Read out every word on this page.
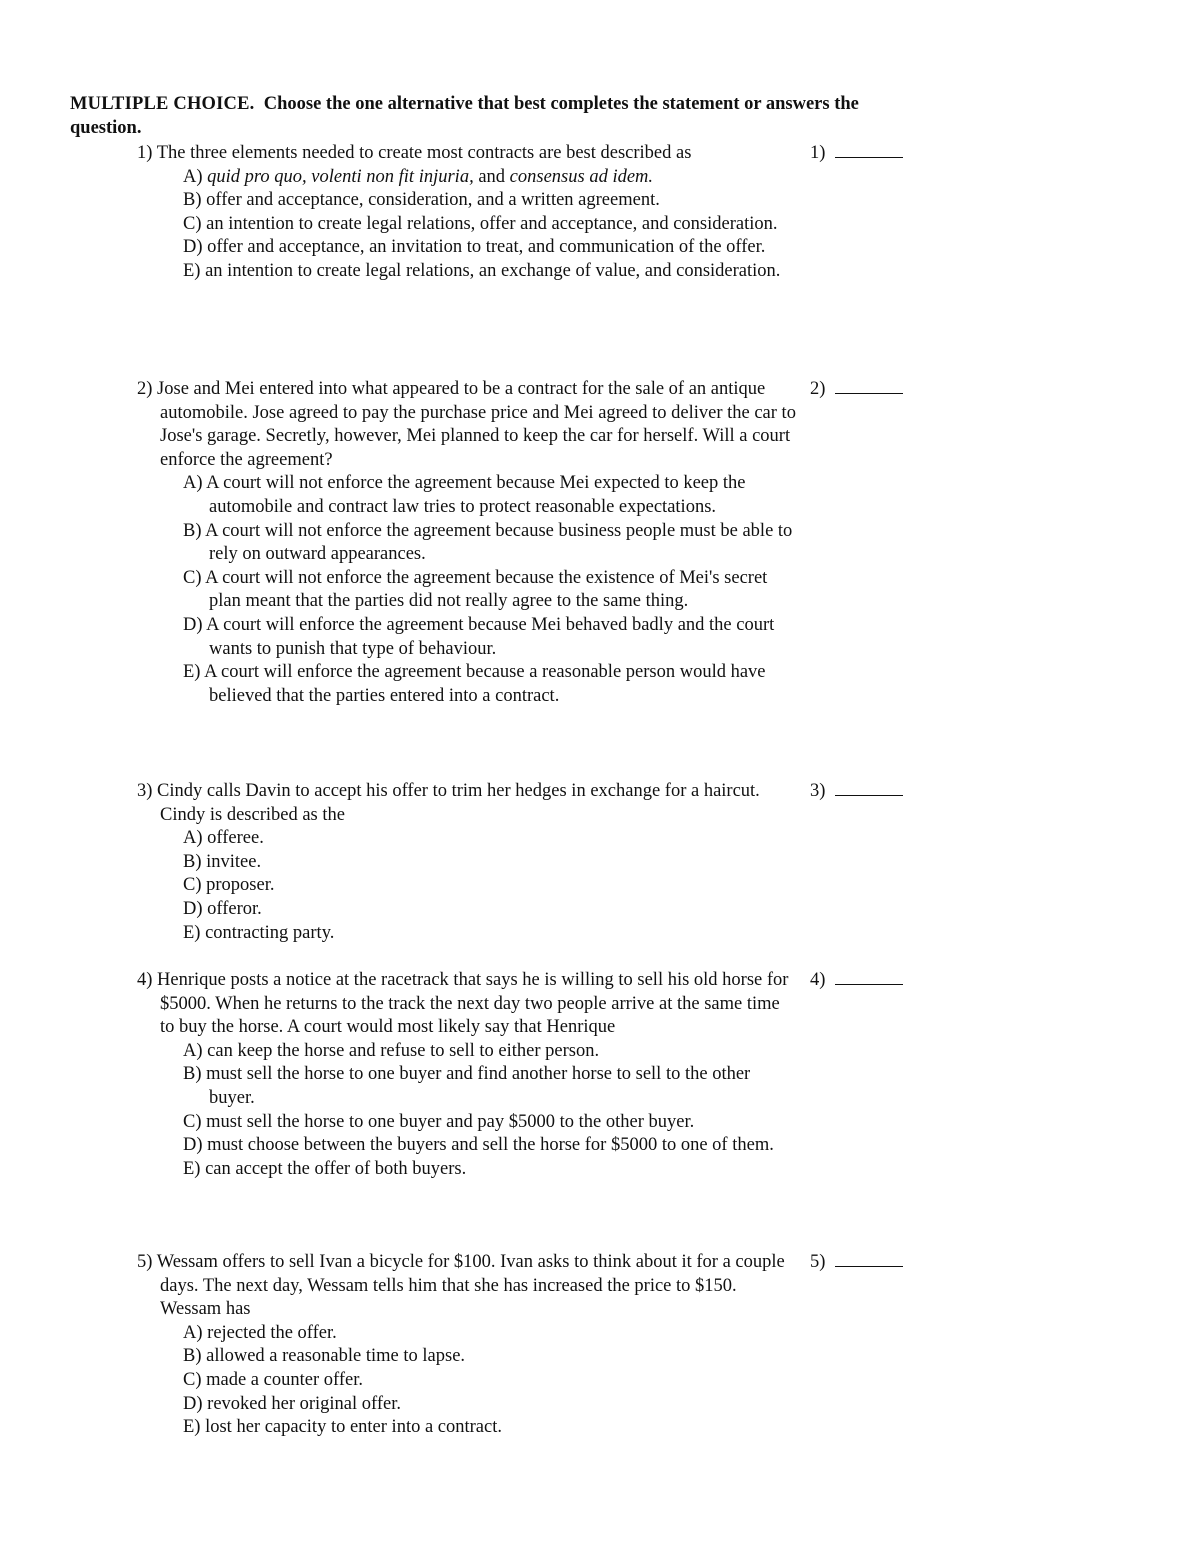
MULTIPLE CHOICE. Choose the one alternative that best completes the statement or answers the question.
1) The three elements needed to create most contracts are best described as
A) quid pro quo, volenti non fit injuria, and consensus ad idem.
B) offer and acceptance, consideration, and a written agreement.
C) an intention to create legal relations, offer and acceptance, and consideration.
D) offer and acceptance, an invitation to treat, and communication of the offer.
E) an intention to create legal relations, an exchange of value, and consideration.
1)
2) Jose and Mei entered into what appeared to be a contract for the sale of an antique automobile. Jose agreed to pay the purchase price and Mei agreed to deliver the car to Jose's garage. Secretly, however, Mei planned to keep the car for herself. Will a court enforce the agreement?
A) A court will not enforce the agreement because Mei expected to keep the automobile and contract law tries to protect reasonable expectations.
B) A court will not enforce the agreement because business people must be able to rely on outward appearances.
C) A court will not enforce the agreement because the existence of Mei's secret plan meant that the parties did not really agree to the same thing.
D) A court will enforce the agreement because Mei behaved badly and the court wants to punish that type of behaviour.
E) A court will enforce the agreement because a reasonable person would have believed that the parties entered into a contract.
2)
3) Cindy calls Davin to accept his offer to trim her hedges in exchange for a haircut. Cindy is described as the
A) offeree.
B) invitee.
C) proposer.
D) offeror.
E) contracting party.
3)
4) Henrique posts a notice at the racetrack that says he is willing to sell his old horse for $5000. When he returns to the track the next day two people arrive at the same time to buy the horse. A court would most likely say that Henrique
A) can keep the horse and refuse to sell to either person.
B) must sell the horse to one buyer and find another horse to sell to the other buyer.
C) must sell the horse to one buyer and pay $5000 to the other buyer.
D) must choose between the buyers and sell the horse for $5000 to one of them.
E) can accept the offer of both buyers.
4)
5) Wessam offers to sell Ivan a bicycle for $100. Ivan asks to think about it for a couple days. The next day, Wessam tells him that she has increased the price to $150. Wessam has
A) rejected the offer.
B) allowed a reasonable time to lapse.
C) made a counter offer.
D) revoked her original offer.
E) lost her capacity to enter into a contract.
5)
